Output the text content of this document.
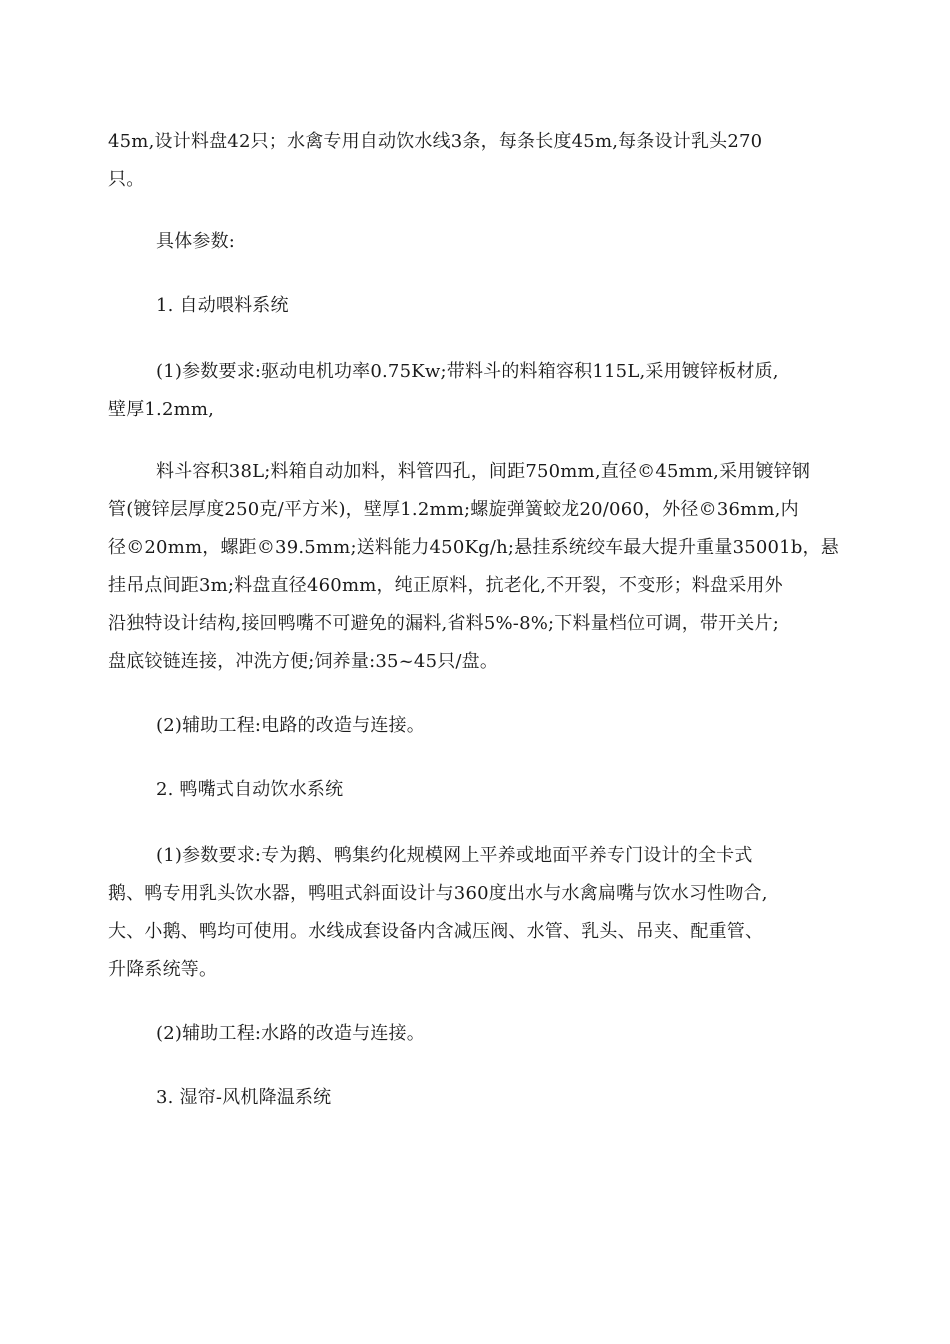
45m,设计料盘42只；水禽专用自动饮水线3条，每条长度45m,每条设计乳头270
只。
具体参数:
1. 自动喂料系统
(1)参数要求:驱动电机功率0.75Kw;带料斗的料箱容积115L,采用镀锌板材质,
壁厚1.2mm,
料斗容积38L;料箱自动加料，料管四孔，间距750mm,直径©45mm,采用镀锌钢
管(镀锌层厚度250克/平方米)，壁厚1.2mm;螺旋弹簧蛟龙20/060，外径©36mm,内
径©20mm，螺距©39.5mm;送料能力450Kg/h;悬挂系统绞车最大提升重量35001b，悬
挂吊点间距3m;料盘直径460mm，纯正原料，抗老化,不开裂，不变形；料盘采用外
沿独特设计结构,接回鸭嘴不可避免的漏料,省料5%-8%;下料量档位可调，带开关片;
盘底铰链连接，冲洗方便;饲养量:35~45只/盘。
(2)辅助工程:电路的改造与连接。
2. 鸭嘴式自动饮水系统
(1)参数要求:专为鹅、鸭集约化规模网上平养或地面平养专门设计的全卡式
鹅、鸭专用乳头饮水器，鸭咀式斜面设计与360度出水与水禽扁嘴与饮水习性吻合,
大、小鹅、鸭均可使用。水线成套设备内含减压阀、水管、乳头、吊夹、配重管、
升降系统等。
(2)辅助工程:水路的改造与连接。
3. 湿帘-风机降温系统
